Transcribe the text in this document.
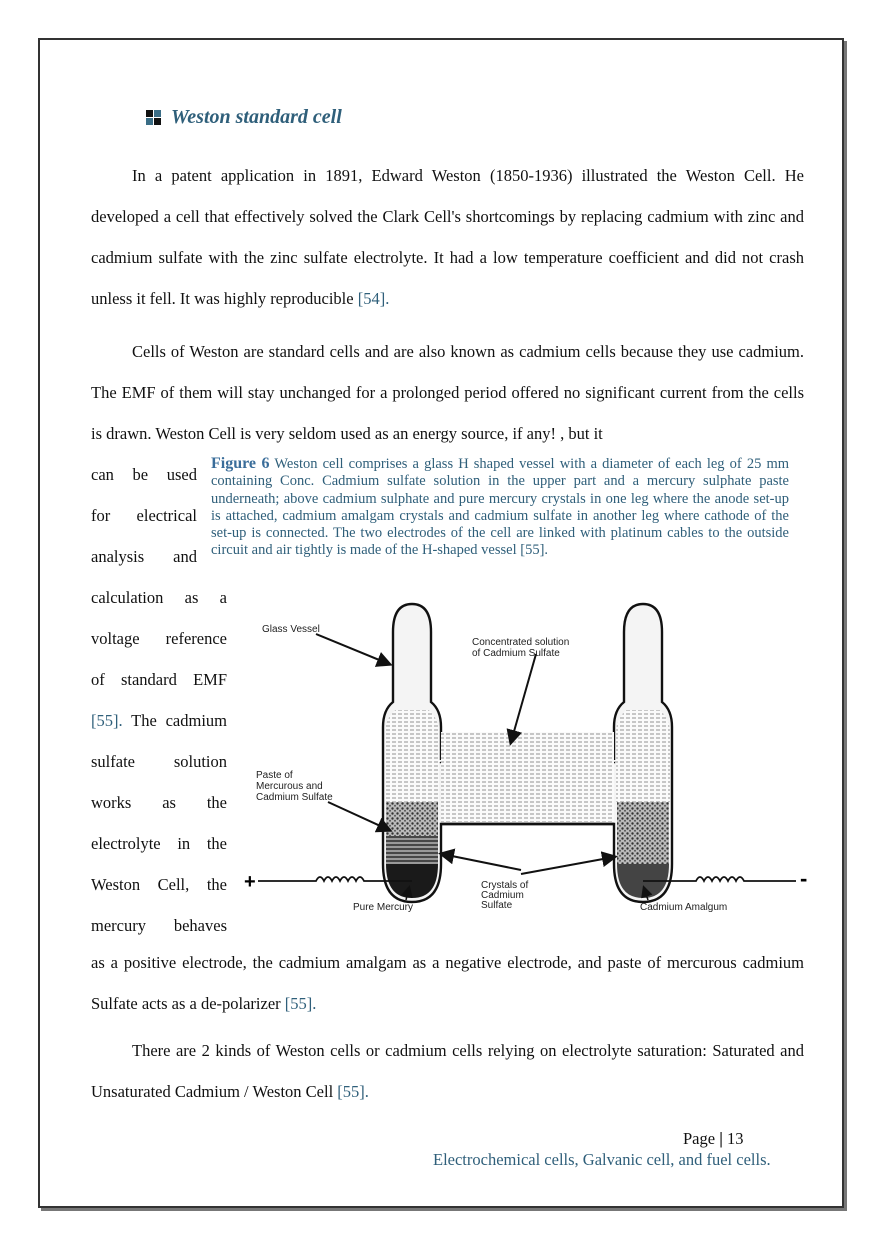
Weston standard cell
In a patent application in 1891, Edward Weston (1850-1936) illustrated the Weston Cell. He developed a cell that effectively solved the Clark Cell's shortcomings by replacing cadmium with zinc and cadmium sulfate with the zinc sulfate electrolyte. It had a low temperature coefficient and did not crash unless it fell. It was highly reproducible [54].
Cells of Weston are standard cells and are also known as cadmium cells because they use cadmium. The EMF of them will stay unchanged for a prolonged period offered no significant current from the cells is drawn. Weston Cell is very seldom used as an energy source, if any! , but it
can be used
for electrical
analysis and
calculation as a
voltage reference
of standard EMF
[55]. The cadmium
sulfate solution
works as the
electrolyte in the
Weston Cell, the
mercury behaves
Figure 6 Weston cell comprises a glass H shaped vessel with a diameter of each leg of 25 mm containing Conc. Cadmium sulfate solution in the upper part and a mercury sulphate paste underneath; above cadmium sulphate and pure mercury crystals in one leg where the anode set-up is attached, cadmium amalgam crystals and cadmium sulfate in another leg where cathode of the set-up is connected. The two electrodes of the cell are linked with platinum cables to the outside circuit and air tightly is made of the H-shaped vessel [55].
+	-
Glass Vessel
Concentrated solution
of Cadmium Sulfate
Paste of
Mercurous and
Cadmium Sulfate
Crystals of
Cadmium
Sulfate
Pure Mercury	Cadmium Amalgum
as a positive electrode, the cadmium amalgam as a negative electrode, and paste of mercurous cadmium Sulfate acts as a de-polarizer [55].
There are 2 kinds of Weston cells or cadmium cells relying on electrolyte saturation: Saturated and Unsaturated Cadmium / Weston Cell [55].
Page | 13
Electrochemical cells, Galvanic cell, and fuel cells.
